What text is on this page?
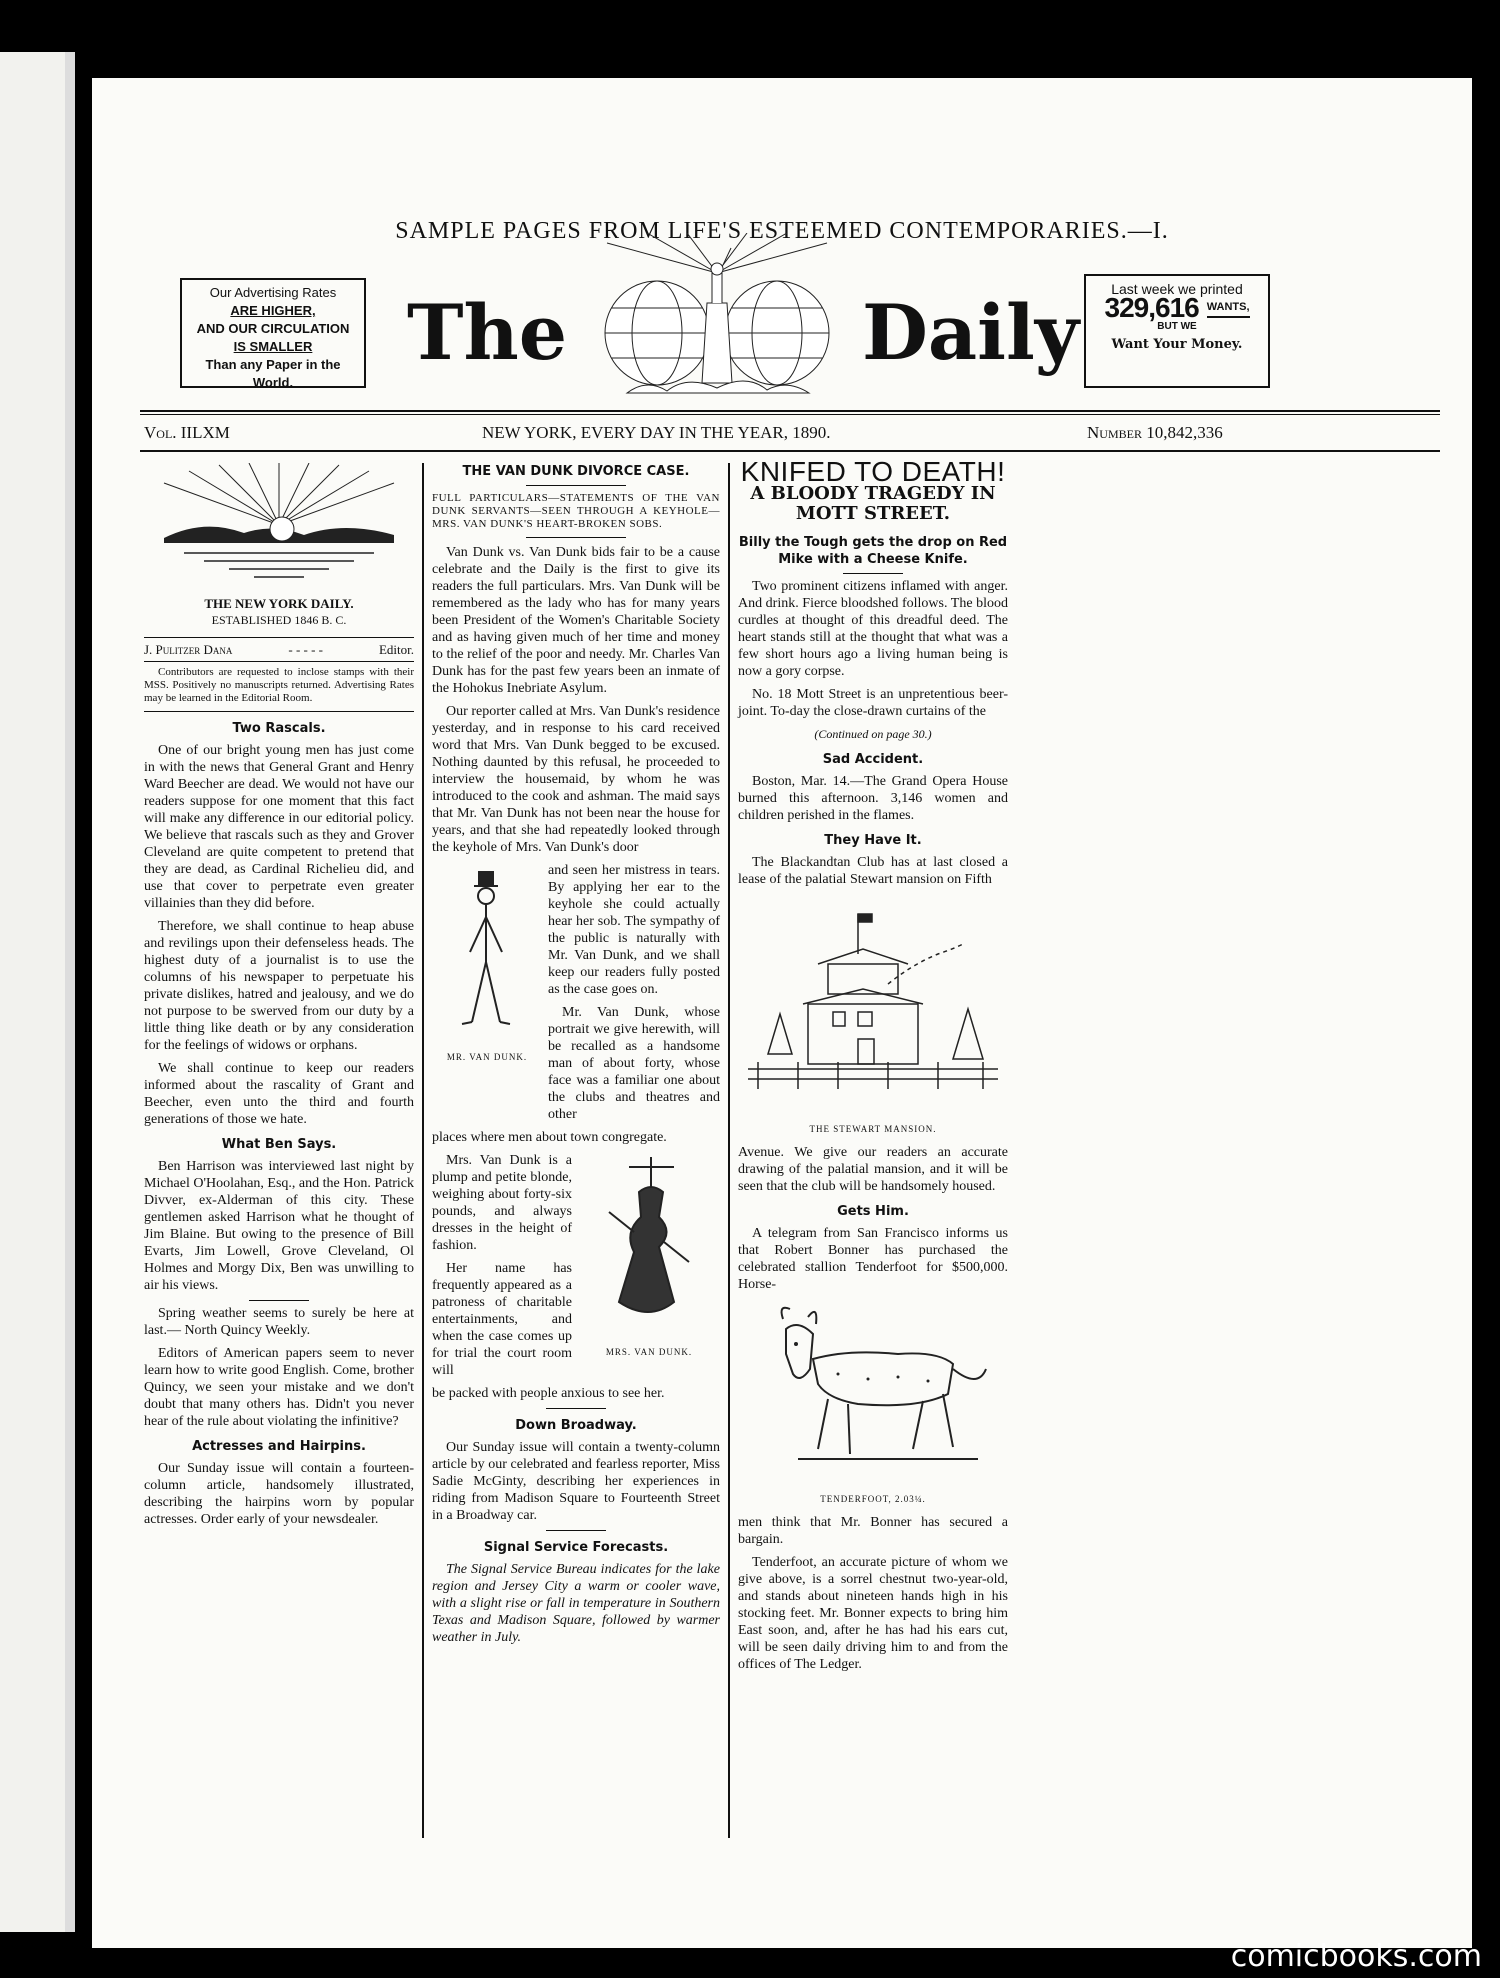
SAMPLE PAGES FROM LIFE'S ESTEEMED CONTEMPORARIES.—I.
Our Advertising Rates
ARE HIGHER,
AND OUR CIRCULATION
IS SMALLER
Than any Paper in the World.
The	Daily	Last week we printed
329,616 WANTS,
BUT WE
Want Your Money.
Vol. IILXM	NEW YORK, EVERY DAY IN THE YEAR, 1890.	Number 10,842,336
THE NEW YORK DAILY.
ESTABLISHED 1846 B. C.
J. Pulitzer Dana	- - - - -	Editor.

Contributors are requested to inclose stamps with their MSS. Positively no manuscripts returned. Advertising Rates may be learned in the Editorial Room.

Two Rascals.

One of our bright young men has just come in with the news that General Grant and Henry Ward Beecher are dead. We would not have our readers suppose for one moment that this fact will make any difference in our editorial policy. We believe that rascals such as they and Grover Cleveland are quite competent to pretend that they are dead, as Cardinal Richelieu did, and use that cover to perpetrate even greater villainies than they did before.

Therefore, we shall continue to heap abuse and revilings upon their defenseless heads. The highest duty of a journalist is to use the columns of his newspaper to perpetuate his private dislikes, hatred and jealousy, and we do not purpose to be swerved from our duty by a little thing like death or by any consideration for the feelings of widows or orphans.

We shall continue to keep our readers informed about the rascality of Grant and Beecher, even unto the third and fourth generations of those we hate.

What Ben Says.

Ben Harrison was interviewed last night by Michael O'Hoolahan, Esq., and the Hon. Patrick Divver, ex-Alderman of this city. These gentlemen asked Harrison what he thought of Jim Blaine. But owing to the presence of Bill Evarts, Jim Lowell, Grove Cleveland, Ol Holmes and Morgy Dix, Ben was unwilling to air his views.

Spring weather seems to surely be here at last.— North Quincy Weekly.

Editors of American papers seem to never learn how to write good English. Come, brother Quincy, we seen your mistake and we don't doubt that many others has. Didn't you never hear of the rule about violating the infinitive?

Actresses and Hairpins.

Our Sunday issue will contain a fourteen-column article, handsomely illustrated, describing the hairpins worn by popular actresses. Order early of your newsdealer.

THE VAN DUNK DIVORCE CASE.

FULL PARTICULARS—STATEMENTS OF THE VAN DUNK SERVANTS—SEEN THROUGH A KEYHOLE—MRS. VAN DUNK'S HEART-BROKEN SOBS.

Van Dunk vs. Van Dunk bids fair to be a cause celebrate and the Daily is the first to give its readers the full particulars. Mrs. Van Dunk will be remembered as the lady who has for many years been President of the Women's Charitable Society and as having given much of her time and money to the relief of the poor and needy. Mr. Charles Van Dunk has for the past few years been an inmate of the Hohokus Inebriate Asylum.

Our reporter called at Mrs. Van Dunk's residence yesterday, and in response to his card received word that Mrs. Van Dunk begged to be excused. Nothing daunted by this refusal, he proceeded to interview the housemaid, by whom he was introduced to the cook and ashman. The maid says that Mr. Van Dunk has not been near the house for years, and that she had repeatedly looked through the keyhole of Mrs. Van Dunk's door

MR. VAN DUNK.

and seen her mistress in tears. By applying her ear to the keyhole she could actually hear her sob. The sympathy of the public is naturally with Mr. Van Dunk, and we shall keep our readers fully posted as the case goes on.

Mr. Van Dunk, whose portrait we give herewith, will be recalled as a handsome man of about forty, whose face was a familiar one about the clubs and theatres and other

places where men about town congregate.

Mrs. Van Dunk is a plump and petite blonde, weighing about forty-six pounds, and always dresses in the height of fashion.

Her name has frequently appeared as a patroness of charitable entertainments, and when the case comes up for trial the court room will

MRS. VAN DUNK.

be packed with people anxious to see her.

Down Broadway.

Our Sunday issue will contain a twenty-column article by our celebrated and fearless reporter, Miss Sadie McGinty, describing her experiences in riding from Madison Square to Fourteenth Street in a Broadway car.

Signal Service Forecasts.

The Signal Service Bureau indicates for the lake region and Jersey City a warm or cooler wave, with a slight rise or fall in temperature in Southern Texas and Madison Square, followed by warmer weather in July.

KNIFED TO DEATH!
A BLOODY TRAGEDY IN MOTT STREET.
Billy the Tough gets the drop on Red Mike with a Cheese Knife.

Two prominent citizens inflamed with anger. And drink. Fierce bloodshed follows. The blood curdles at thought of this dreadful deed. The heart stands still at the thought that what was a few short hours ago a living human being is now a gory corpse.

No. 18 Mott Street is an unpretentious beer-joint. To-day the close-drawn curtains of the

(Continued on page 30.)
Sad Accident.

Boston, Mar. 14.—The Grand Opera House burned this afternoon. 3,146 women and children perished in the flames.

They Have It.

The Blackandtan Club has at last closed a lease of the palatial Stewart mansion on Fifth

THE STEWART MANSION.

Avenue. We give our readers an accurate drawing of the palatial mansion, and it will be seen that the club will be handsomely housed.

Gets Him.

A telegram from San Francisco informs us that Robert Bonner has purchased the celebrated stallion Tenderfoot for $500,000. Horse-

TENDERFOOT, 2.03¼.

men think that Mr. Bonner has secured a bargain.

Tenderfoot, an accurate picture of whom we give above, is a sorrel chestnut two-year-old, and stands about nineteen hands high in his stocking feet. Mr. Bonner expects to bring him East soon, and, after he has had his ears cut, will be seen daily driving him to and from the offices of The Ledger.

comicbooks.com
